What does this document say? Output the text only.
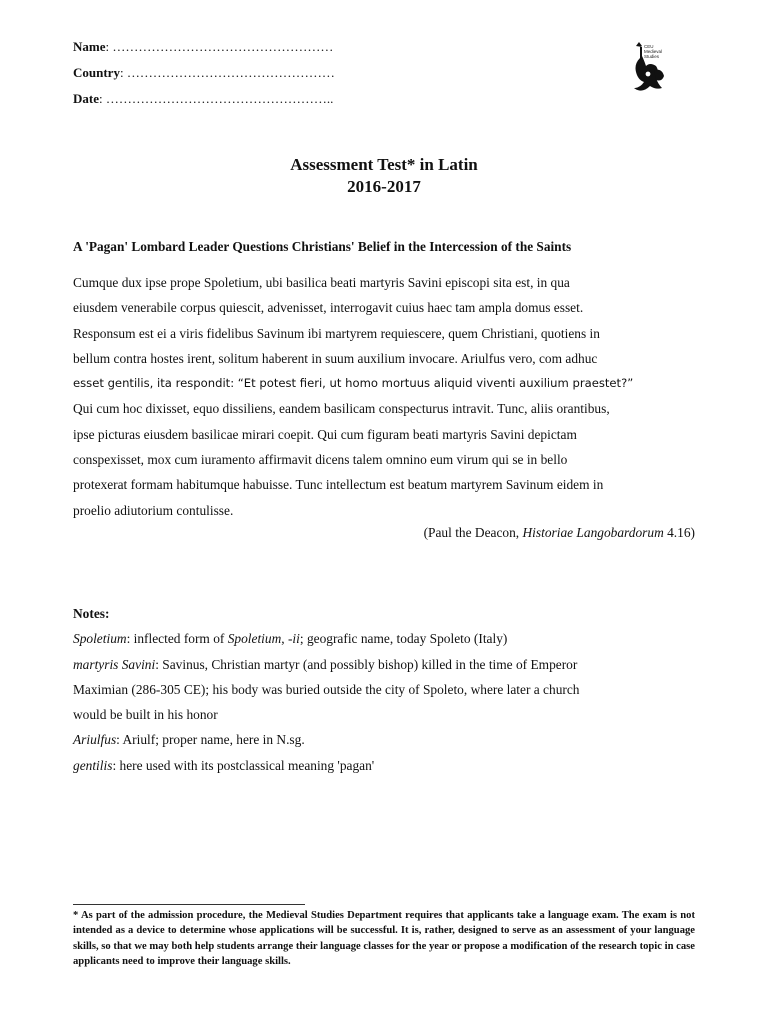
Name: ……………………………………………
Country: …………………………………………
Date: ……………………………………………..
CEU
Medieval
Studies
Assessment Test* in Latin
2016-2017
A 'Pagan' Lombard Leader Questions Christians' Belief in the Intercession of the Saints
Cumque dux ipse prope Spoletium, ubi basilica beati martyris Savini episcopi sita est, in qua
eiusdem venerabile corpus quiescit, advenisset, interrogavit cuius haec tam ampla domus esset.
Responsum est ei a viris fidelibus Savinum ibi martyrem requiescere, quem Christiani, quotiens in
bellum contra hostes irent, solitum haberent in suum auxilium invocare. Ariulfus vero, com adhuc
esset gentilis, ita respondit: “Et potest fieri, ut homo mortuus aliquid viventi auxilium praestet?”
Qui cum hoc dixisset, equo dissiliens, eandem basilicam conspecturus intravit. Tunc, aliis orantibus,
ipse picturas eiusdem basilicae mirari coepit. Qui cum figuram beati martyris Savini depictam
conspexisset, mox cum iuramento affirmavit dicens talem omnino eum virum qui se in bello
protexerat formam habitumque habuisse. Tunc intellectum est beatum martyrem Savinum eidem in
proelio adiutorium contulisse.
(Paul the Deacon, Historiae Langobardorum 4.16)
Notes:
Spoletium: inflected form of Spoletium, -ii; geografic name, today Spoleto (Italy)
martyris Savini: Savinus, Christian martyr (and possibly bishop) killed in the time of Emperor
Maximian (286-305 CE); his body was buried outside the city of Spoleto, where later a church
would be built in his honor
Ariulfus: Ariulf; proper name, here in N.sg.
gentilis: here used with its postclassical meaning 'pagan'
* As part of the admission procedure, the Medieval Studies Department requires that applicants take a language exam. The exam is not intended as a device to determine whose applications will be successful. It is, rather, designed to serve as an assessment of your language skills, so that we may both help students arrange their language classes for the year or propose a modification of the research topic in case applicants need to improve their language skills.
